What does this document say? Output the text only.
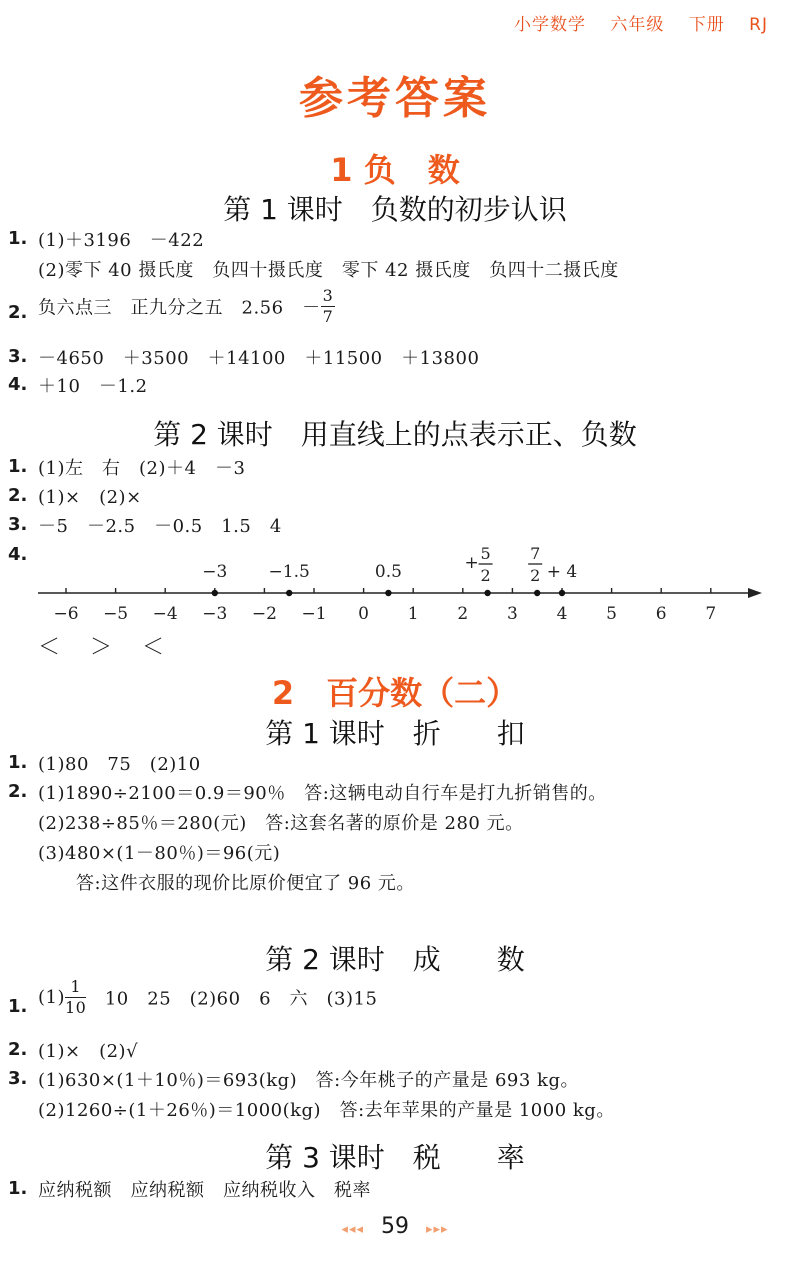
小学数学 六年级 下册 RJ
参考答案
1 负　数
第 1 课时　负数的初步认识
1. (1)＋3196　－422
(2)零下 40 摄氏度　负四十摄氏度　零下 42 摄氏度　负四十二摄氏度
2. 负六点三　正九分之五　2.56　－ $\frac{3}{7}$
3. －4650　＋3500　＋14100　＋11500　＋13800
4. ＋10　－1.2
第 2 课时　用直线上的点表示正、负数
1. (1)左　右　(2)＋4　－3
2. (1)×　(2)×
3. －5　－2.5　－0.5　1.5　4
4.
−6 −5 −4 −3 −2 −1 0 1 2 3 4 5 6 7
−3 −1.5	0.5	+ 5
2
7
2 + 4
＜　＞　＜
2　百分数（二）
第 1 课时　折　　扣
1. (1)80　75　(2)10
2. (1)1890÷2100＝0.9＝90％　答:这辆电动自行车是打九折销售的。
(2)238÷85％＝280(元)　答:这套名著的原价是 280 元。
(3)480×(1－80％)＝96(元)
答:这件衣服的现价比原价便宜了 96 元。
第 2 课时　成　　数
1. $(1) \frac{1}{10}$ 　10　25　(2)60　6　六　(3)15
2. (1)×　(2)√
3. (1)630×(1＋10％)＝693(kg)　答:今年桃子的产量是 693 kg。
(2)1260÷(1＋26％)＝1000(kg)　答:去年苹果的产量是 1000 kg。
第 3 课时　税　　率
1. 应纳税额　应纳税额　应纳税收入　税率
◂◂◂ 59 ▸▸▸
